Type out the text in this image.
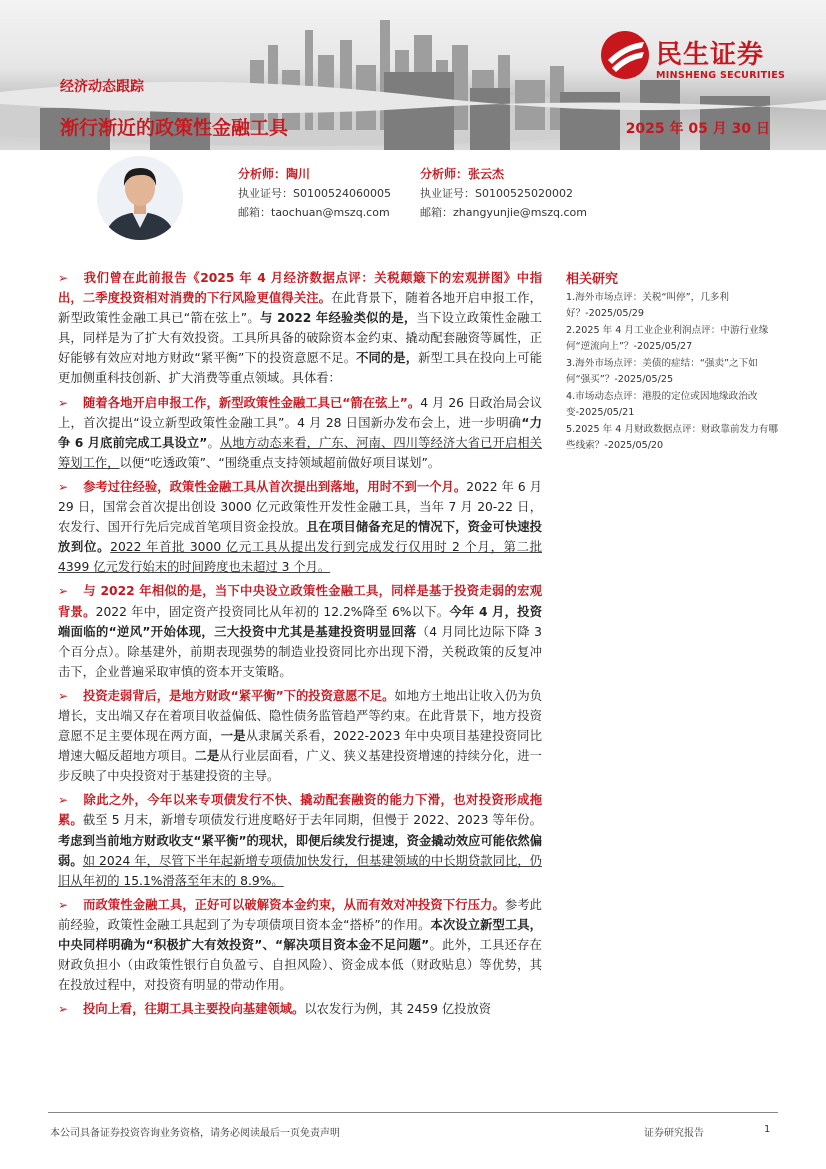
经济动态跟踪
渐行渐近的政策性金融工具	2025 年 05 月 30 日
民生证券
MINSHENG SECURITIES
分析师：陶川
执业证号：S0100524060005
邮箱：taochuan@mszq.com
分析师：张云杰
执业证号：S0100525020002
邮箱：zhangyunjie@mszq.com
➢ 我们曾在此前报告《2025 年 4 月经济数据点评：关税颠簸下的宏观拼图》中指出，二季度投资相对消费的下行风险更值得关注。在此背景下，随着各地开启申报工作，新型政策性金融工具已“箭在弦上”。与 2022 年经验类似的是，当下设立政策性金融工具，同样是为了扩大有效投资。工具所具备的破除资本金约束、撬动配套融资等属性，正好能够有效应对地方财政“紧平衡”下的投资意愿不足。不同的是，新型工具在投向上可能更加侧重科技创新、扩大消费等重点领域。具体看：
➢ 随着各地开启申报工作，新型政策性金融工具已“箭在弦上”。4 月 26 日政治局会议上，首次提出“设立新型政策性金融工具”。4 月 28 日国新办发布会上，进一步明确“力争 6 月底前完成工具设立”。从地方动态来看，广东、河南、四川等经济大省已开启相关筹划工作，以便“吃透政策”、“围绕重点支持领域超前做好项目谋划”。
➢ 参考过往经验，政策性金融工具从首次提出到落地，用时不到一个月。2022 年 6 月 29 日，国常会首次提出创设 3000 亿元政策性开发性金融工具，当年 7 月 20-22 日，农发行、国开行先后完成首笔项目资金投放。且在项目储备充足的情况下，资金可快速投放到位。2022 年首批 3000 亿元工具从提出发行到完成发行仅用时 2 个月，第二批 4399 亿元发行始末的时间跨度也未超过 3 个月。
➢ 与 2022 年相似的是，当下中央设立政策性金融工具，同样是基于投资走弱的宏观背景。2022 年中，固定资产投资同比从年初的 12.2%降至 6%以下。今年 4 月，投资端面临的“逆风”开始体现，三大投资中尤其是基建投资明显回落（4 月同比边际下降 3 个百分点）。除基建外，前期表现强势的制造业投资同比亦出现下滑，关税政策的反复冲击下，企业普遍采取审慎的资本开支策略。
➢ 投资走弱背后，是地方财政“紧平衡”下的投资意愿不足。如地方土地出让收入仍为负增长，支出端又存在着项目收益偏低、隐性债务监管趋严等约束。在此背景下，地方投资意愿不足主要体现在两方面，一是从隶属关系看，2022-2023 年中央项目基建投资同比增速大幅反超地方项目。二是从行业层面看，广义、狭义基建投资增速的持续分化，进一步反映了中央投资对于基建投资的主导。
➢ 除此之外，今年以来专项债发行不快、撬动配套融资的能力下滑，也对投资形成拖累。截至 5 月末，新增专项债发行进度略好于去年同期，但慢于 2022、2023 等年份。考虑到当前地方财政收支“紧平衡”的现状，即便后续发行提速，资金撬动效应可能依然偏弱。如 2024 年，尽管下半年起新增专项债加快发行，但基建领域的中长期贷款同比，仍旧从年初的 15.1%滑落至年末的 8.9%。
➢ 而政策性金融工具，正好可以破解资本金约束，从而有效对冲投资下行压力。参考此前经验，政策性金融工具起到了为专项债项目资本金“搭桥”的作用。本次设立新型工具，中央同样明确为“积极扩大有效投资”、“解决项目资本金不足问题”。此外，工具还存在财政负担小（由政策性银行自负盈亏、自担风险）、资金成本低（财政贴息）等优势，其在投放过程中，对投资有明显的带动作用。
➢ 投向上看，往期工具主要投向基建领域。以农发行为例，其 2459 亿投放资
相关研究
1.海外市场点评：关税“叫停”，几多利好？-2025/05/29
2.2025 年 4 月工业企业利润点评：中游行业缘何“逆流向上”？-2025/05/27
3.海外市场点评：美债的症结：“强卖”之下如何“强买”？-2025/05/25
4.市场动态点评：港股的定位或因地缘政治改变-2025/05/21
5.2025 年 4 月财政数据点评：财政靠前发力有哪些线索？-2025/05/20
本公司具备证券投资咨询业务资格，请务必阅读最后一页免责声明	证券研究报告	1
